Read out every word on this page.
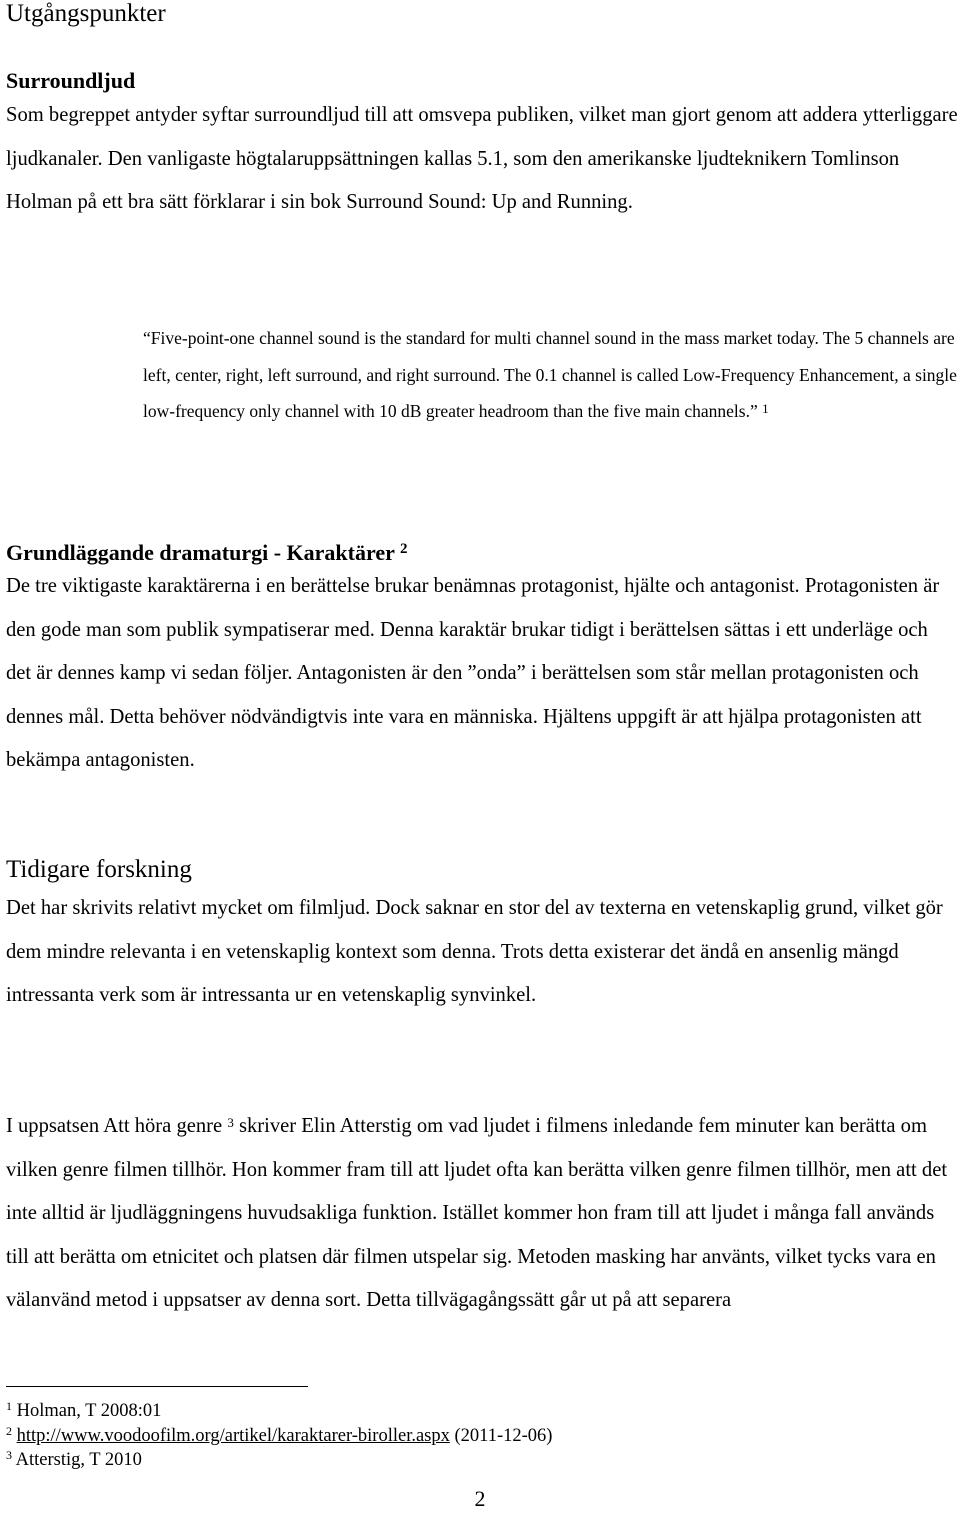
Utgångspunkter
Surroundljud

Som begreppet antyder syftar surroundljud till att omsvepa publiken, vilket man gjort genom att addera ytterliggare ljudkanaler. Den vanligaste högtalaruppsättningen kallas 5.1, som den amerikanske ljudteknikern Tomlinson Holman på ett bra sätt förklarar i sin bok Surround Sound: Up and Running.

“Five-point-one channel sound is the standard for multi channel sound in the mass market today. The 5 channels are left, center, right, left surround, and right surround. The 0.1 channel is called Low-Frequency Enhancement, a single low-frequency only channel with 10 dB greater headroom than the five main channels.” $^1$

Grundläggande dramaturgi - Karaktärer $^2$

De tre viktigaste karaktärerna i en berättelse brukar benämnas protagonist, hjälte och antagonist. Protagonisten är den gode man som publik sympatiserar med. Denna karaktär brukar tidigt i berättelsen sättas i ett underläge och det är dennes kamp vi sedan följer. Antagonisten är den ”onda” i berättelsen som står mellan protagonisten och dennes mål. Detta behöver nödvändigtvis inte vara en människa. Hjältens uppgift är att hjälpa protagonisten att bekämpa antagonisten.

Tidigare forskning

Det har skrivits relativt mycket om filmljud. Dock saknar en stor del av texterna en vetenskaplig grund, vilket gör dem mindre relevanta i en vetenskaplig kontext som denna. Trots detta existerar det ändå en ansenlig mängd intressanta verk som är intressanta ur en vetenskaplig synvinkel.

I uppsatsen Att höra genre $^3$ skriver Elin Atterstig om vad ljudet i filmens inledande fem minuter kan berätta om vilken genre filmen tillhör. Hon kommer fram till att ljudet ofta kan berätta vilken genre filmen tillhör, men att det inte alltid är ljudläggningens huvudsakliga funktion. Istället kommer hon fram till att ljudet i många fall används till att berätta om etnicitet och platsen där filmen utspelar sig. Metoden masking har använts, vilket tycks vara en välanvänd metod i uppsatser av denna sort. Detta tillvägagångssätt går ut på att separera

$^1$ Holman, T 2008:01
$^2$ http://www.voodoofilm.org/artikel/karaktarer-biroller.aspx (2011-12-06)
$^3$ Atterstig, T 2010
2
